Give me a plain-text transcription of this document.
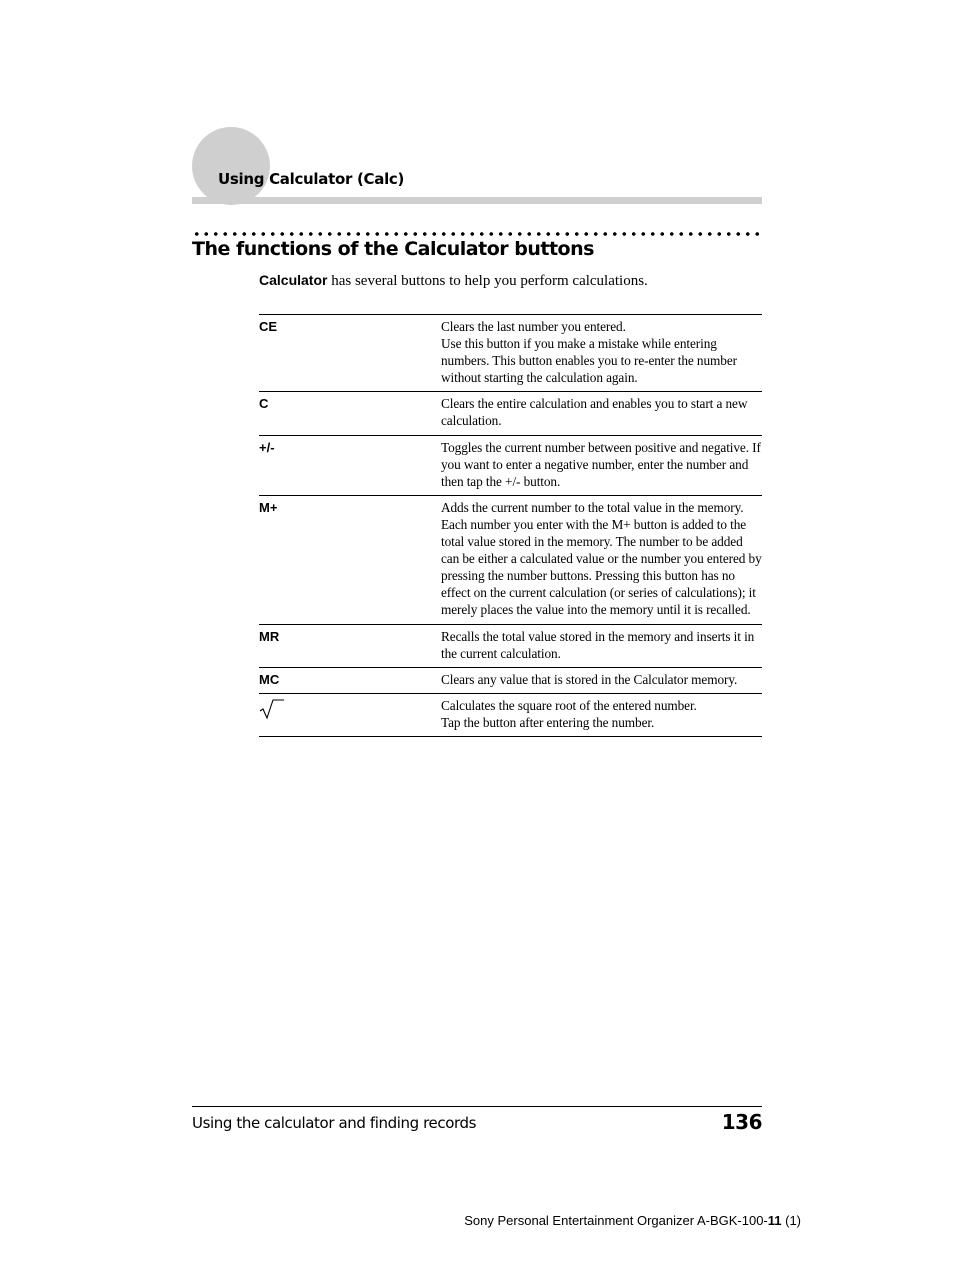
Using Calculator (Calc)
The functions of the Calculator buttons
Calculator has several buttons to help you perform calculations.
CE	Clears the last number you entered.
Use this button if you make a mistake while entering numbers. This button enables you to re-enter the number without starting the calculation again.
C	Clears the entire calculation and enables you to start a new calculation.
+/-	Toggles the current number between positive and negative. If you want to enter a negative number, enter the number and then tap the +/- button.
M+	Adds the current number to the total value in the memory. Each number you enter with the M+ button is added to the total value stored in the memory. The number to be added can be either a calculated value or the number you entered by pressing the number buttons. Pressing this button has no effect on the current calculation (or series of calculations); it merely places the value into the memory until it is recalled.
MR	Recalls the total value stored in the memory and inserts it in the current calculation.
MC	Clears any value that is stored in the Calculator memory.

	Calculates the square root of the entered number.
Tap the button after entering the number.
Using the calculator and finding records	136
Sony Personal Entertainment Organizer A-BGK-100-11 (1)
